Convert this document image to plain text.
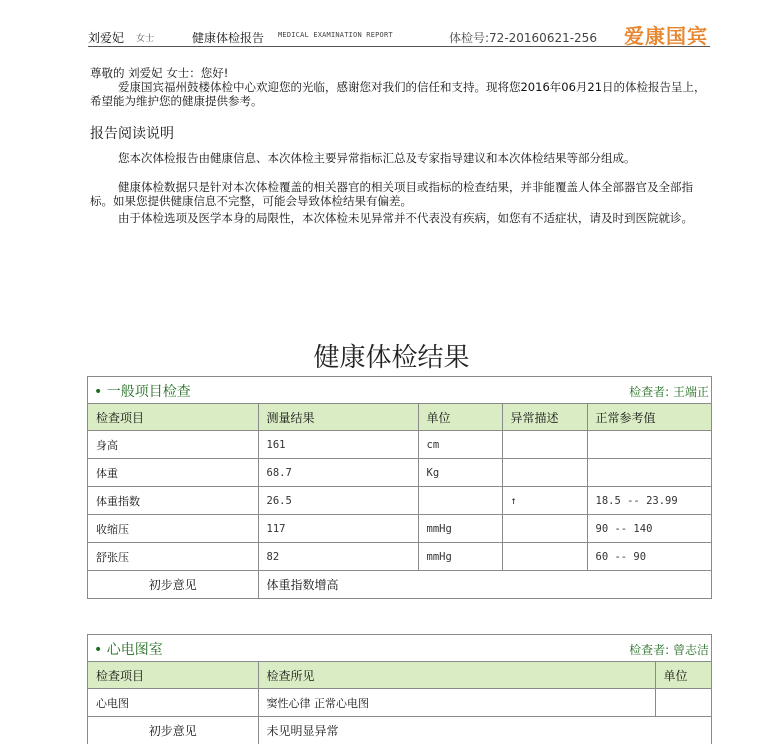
刘爱妃 女士	健康体检报告 MEDICAL EXAMINATION REPORT	体检号:72-20160621-256 爱康国宾
尊敬的 刘爱妃 女士：您好!
爱康国宾福州鼓楼体检中心欢迎您的光临，感谢您对我们的信任和支持。现将您2016年06月21日的体检报告呈上，希望能为维护您的健康提供参考。
报告阅读说明
您本次体检报告由健康信息、本次体检主要异常指标汇总及专家指导建议和本次体检结果等部分组成。
健康体检数据只是针对本次体检覆盖的相关器官的相关项目或指标的检查结果，并非能覆盖人体全部器官及全部指标。如果您提供健康信息不完整，可能会导致体检结果有偏差。
由于体检选项及医学本身的局限性，本次体检未见异常并不代表没有疾病，如您有不适症状，请及时到医院就诊。
健康体检结果
• 一般项目检查	检查者: 王端正
检查项目	测量结果	单位	异常描述	正常参考值
身高	161	cm		
体重	68.7	Kg		
体重指数	26.5		↑	18.5 -- 23.99
收缩压	117	mmHg		90 -- 140
舒张压	82	mmHg		60 -- 90
初步意见	体重指数增高			
• 心电图室	检查者: 曾志洁
检查项目	检查所见	单位
心电图	窦性心律 正常心电图	
初步意见	未见明显异常	
